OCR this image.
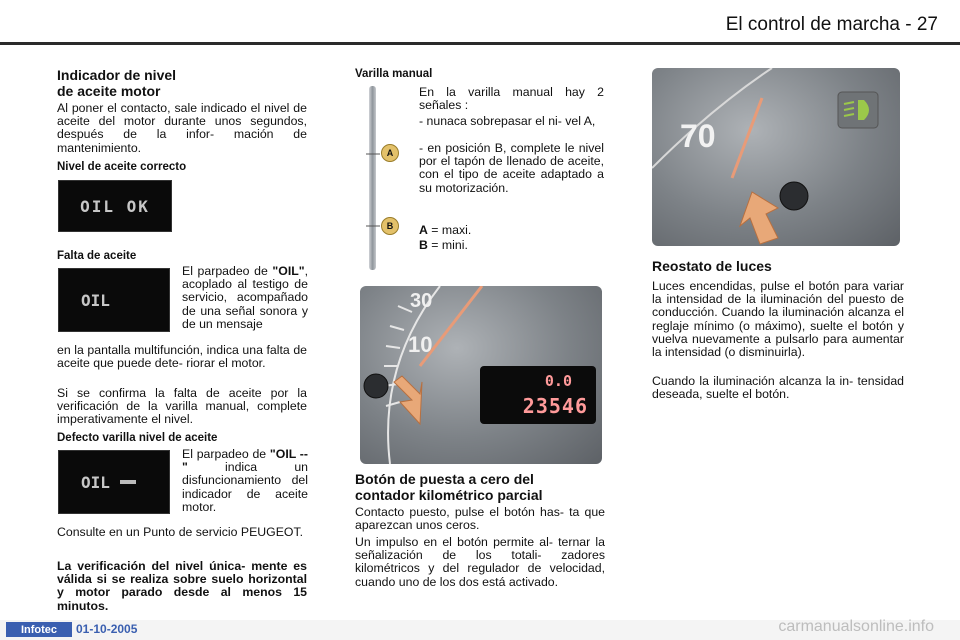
El control de marcha - 27
Indicador de nivel
de aceite motor

Al poner el contacto, sale indicado el nivel de aceite del motor durante unos segundos, después de la infor- mación de mantenimiento.

Nivel de aceite correcto
OIL OK
Falta de aceite
OIL

El parpadeo de "OIL", acoplado al testigo de servicio, acompañado de una señal sonora y de un mensaje

en la pantalla multifunción, indica una falta de aceite que puede dete- riorar el motor.

Si se confirma la falta de aceite por la verificación de la varilla manual, complete imperativamente el nivel.

Defecto varilla nivel de aceite
OIL

El parpadeo de "OIL --" indica un disfuncionamiento del indicador de aceite motor.

Consulte en un Punto de servicio PEUGEOT.

La verificación del nivel única- mente es válida si se realiza sobre suelo horizontal y motor parado desde al menos 15 minutos.

Varilla manual
A
B

En la varilla manual hay 2 señales :

- nunaca sobrepasar el ni- vel A,

- en posición B, complete le nivel por el tapón de llenado de aceite, con el tipo de aceite adaptado a su motorización.

A = maxi.

B = mini.

30
10
0.0
23546
Botón de puesta a cero del
contador kilométrico parcial

Contacto puesto, pulse el botón has- ta que aparezcan unos ceros.

Un impulso en el botón permite al- ternar la señalización de los totali- zadores kilométricos y del regulador de velocidad, cuando uno de los dos está activado.

70
Reostato de luces

Luces encendidas, pulse el botón para variar la intensidad de la iluminación del puesto de conducción. Cuando la iluminación alcanza el reglaje mínimo (o máximo), suelte el botón y vuelva nuevamente a pulsarlo para aumentar la intensidad (o disminuirla).

Cuando la iluminación alcanza la in- tensidad deseada, suelte el botón.

Infotec	01-10-2005	carmanualsonline.info
